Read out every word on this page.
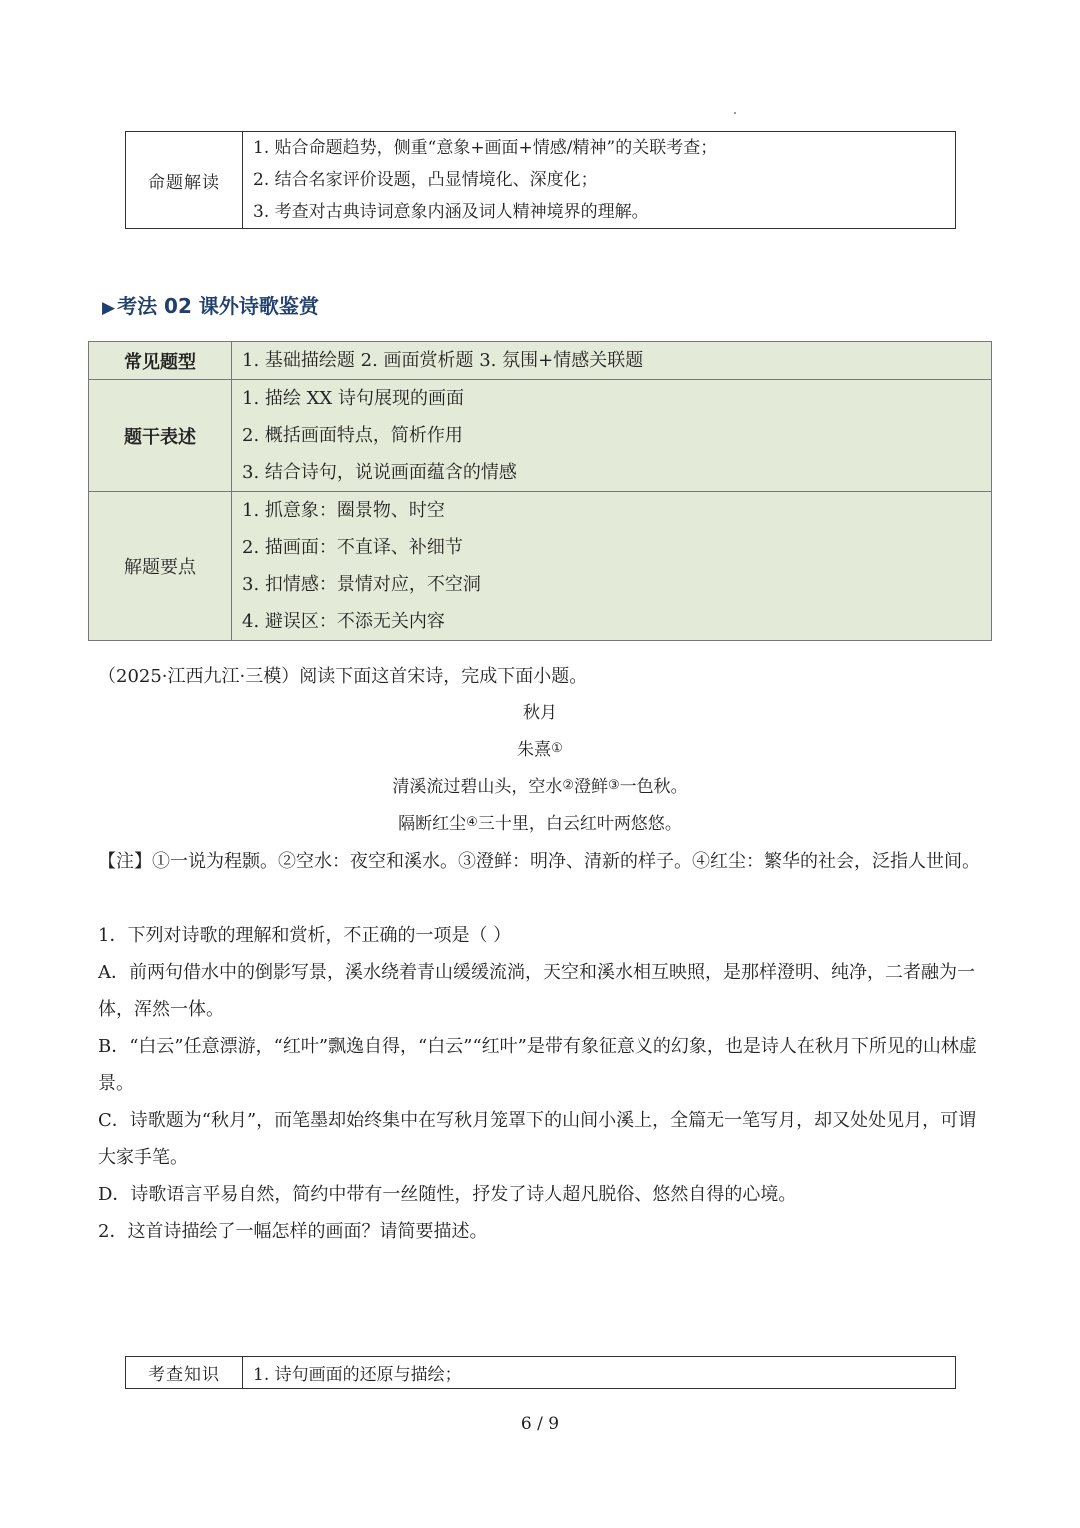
命题解读	
1. 贴合命题趋势，侧重“意象+画面+情感/精神”的关联考查；
2. 结合名家评价设题，凸显情境化、深度化；
3. 考查对古典诗词意象内涵及词人精神境界的理解。
▶ 考法 02 课外诗歌鉴赏
常见题型	1. 基础描绘题 2. 画面赏析题 3. 氛围+情感关联题

题干表述	1. 描绘 XX 诗句展现的画面
2. 概括画面特点，简析作用
3. 结合诗句，说说画面蕴含的情感

解题要点	1. 抓意象：圈景物、时空
2. 描画面：不直译、补细节
3. 扣情感：景情对应，不空洞
4. 避误区：不添无关内容
（2025·江西九江·三模）阅读下面这首宋诗，完成下面小题。
秋月
朱熹①
清溪流过碧山头，空水②澄鲜③一色秋。
隔断红尘④三十里，白云红叶两悠悠。
【注】①一说为程颢。②空水：夜空和溪水。③澄鲜：明净、清新的样子。④红尘：繁华的社会，泛指人世间。
1．下列对诗歌的理解和赏析，不正确的一项是（ ）
A．前两句借水中的倒影写景，溪水绕着青山缓缓流淌，天空和溪水相互映照，是那样澄明、纯净，二者融为一体，浑然一体。
B．“白云”任意漂游，“红叶”飘逸自得，“白云”“红叶”是带有象征意义的幻象，也是诗人在秋月下所见的山林虚景。
C．诗歌题为“秋月”，而笔墨却始终集中在写秋月笼罩下的山间小溪上，全篇无一笔写月，却又处处见月，可谓大家手笔。
D．诗歌语言平易自然，简约中带有一丝随性，抒发了诗人超凡脱俗、悠然自得的心境。
2．这首诗描绘了一幅怎样的画面？请简要描述。
考查知识	1. 诗句画面的还原与描绘；
6 / 9
